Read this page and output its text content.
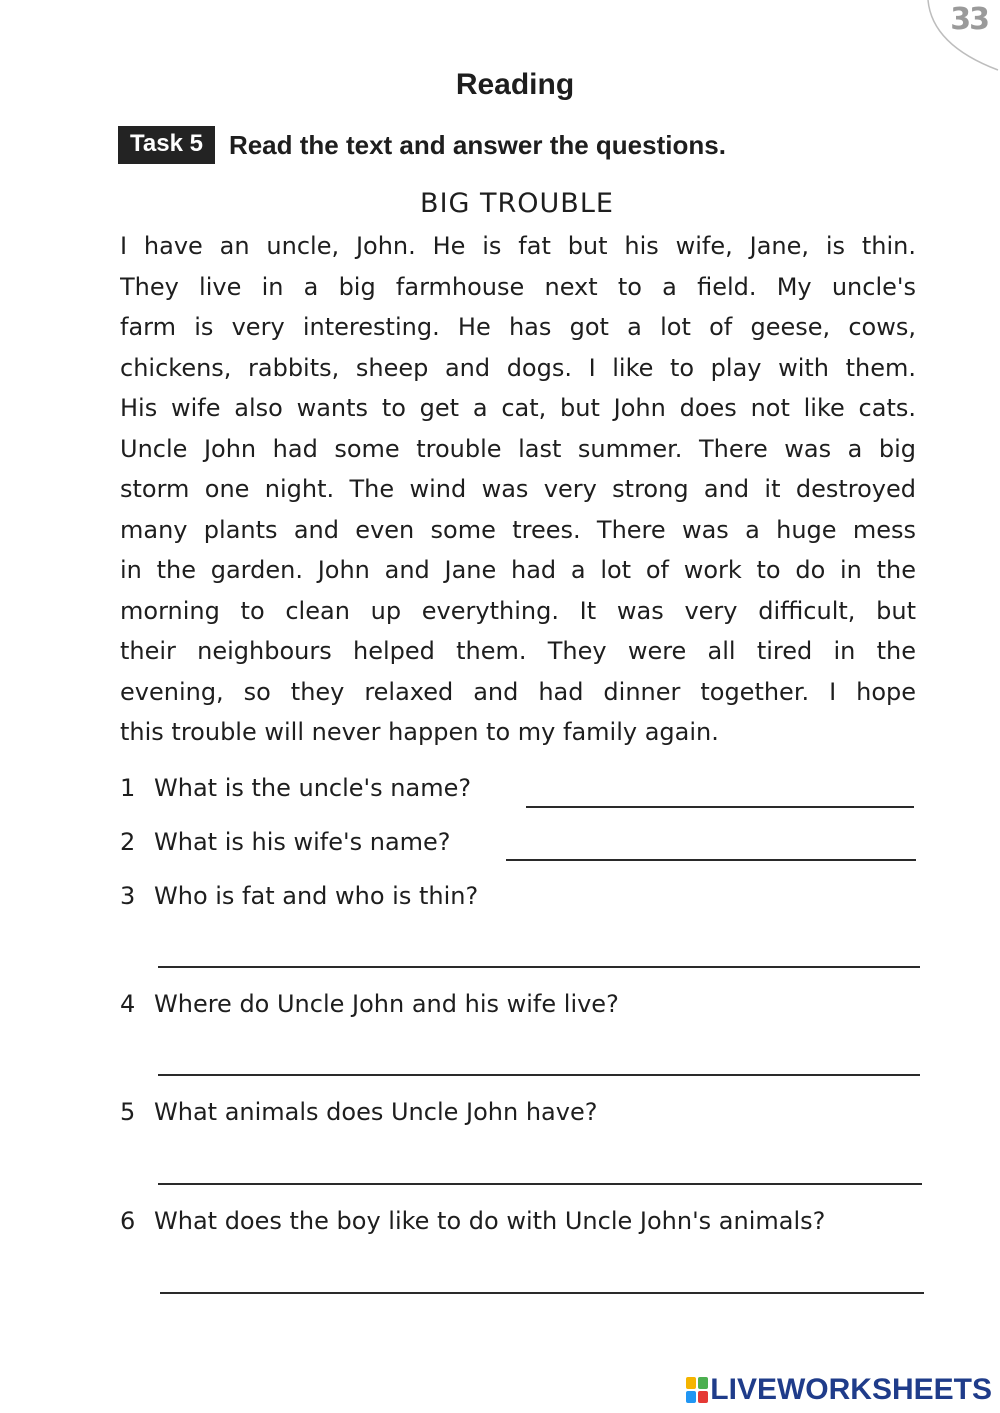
33
Reading
Task 5	Read the text and answer the questions.
BIG TROUBLE
I have an uncle, John. He is fat but his wife, Jane, is thin.
They live in a big farmhouse next to a field. My uncle's
farm is very interesting. He has got a lot of geese, cows,
chickens, rabbits, sheep and dogs. I like to play with them.
His wife also wants to get a cat, but John does not like cats.
Uncle John had some trouble last summer. There was a big
storm one night. The wind was very strong and it destroyed
many plants and even some trees. There was a huge mess
in the garden. John and Jane had a lot of work to do in the
morning to clean up everything. It was very difficult, but
their neighbours helped them. They were all tired in the
evening, so they relaxed and had dinner together. I hope
this trouble will never happen to my family again.
1 What is the uncle's name?
2 What is his wife's name?
3 Who is fat and who is thin?
4 Where do Uncle John and his wife live?
5 What animals does Uncle John have?
6 What does the boy like to do with Uncle John's animals?
LIVEWORKSHEETS
